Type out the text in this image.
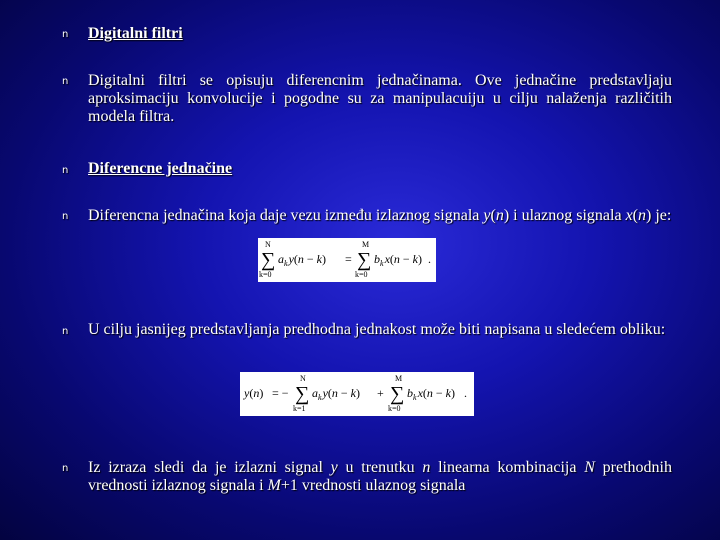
n Digitalni filtri
n Digitalni filtri se opisuju diferencnim jednačinama. Ove jednačine predstavljaju aproksimaciju konvolucije i pogodne su za manipulacuiju u cilju nalaženja različitih modela filtra.
n Diferencne jednačine
n Diferencna jednačina koja daje vezu između izlaznog signala y(n) i ulaznog signala x(n) je:
N
∑
k=0
$a_ky(n - k)$ =
M
∑
k=0
$b_kx(n - k)$ .
n U cilju jasnijeg predstavljanja predhodna jednakost može biti napisana u sledećem obliku:
y(n) = −
N
∑
k=1
$a_ky(n - k)$ +
M
∑
k=0
$b_kx(n - k)$ .
n Iz izraza sledi da je izlazni signal y u trenutku n linearna kombinacija N prethodnih vrednosti izlaznog signala i M+1 vrednosti ulaznog signala
